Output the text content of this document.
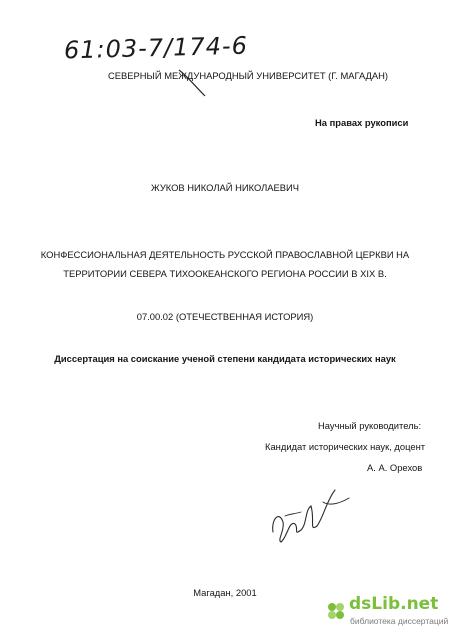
61:03-7/174-6
СЕВЕРНЫЙ МЕЖДУНАРОДНЫЙ УНИВЕРСИТЕТ (Г. МАГАДАН)
На правах рукописи
ЖУКОВ НИКОЛАЙ НИКОЛАЕВИЧ
КОНФЕССИОНАЛЬНАЯ ДЕЯТЕЛЬНОСТЬ РУССКОЙ ПРАВОСЛАВНОЙ ЦЕРКВИ НА
ТЕРРИТОРИИ СЕВЕРА ТИХООКЕАНСКОГО РЕГИОНА РОССИИ В XIX В.
07.00.02 (ОТЕЧЕСТВЕННАЯ ИСТОРИЯ)
Диссертация на соискание ученой степени кандидата исторических наук
Научный руководитель:
Кандидат исторических наук, доцент
А. А. Орехов
Магадан, 2001
dsLib.net
библиотека диссертаций
